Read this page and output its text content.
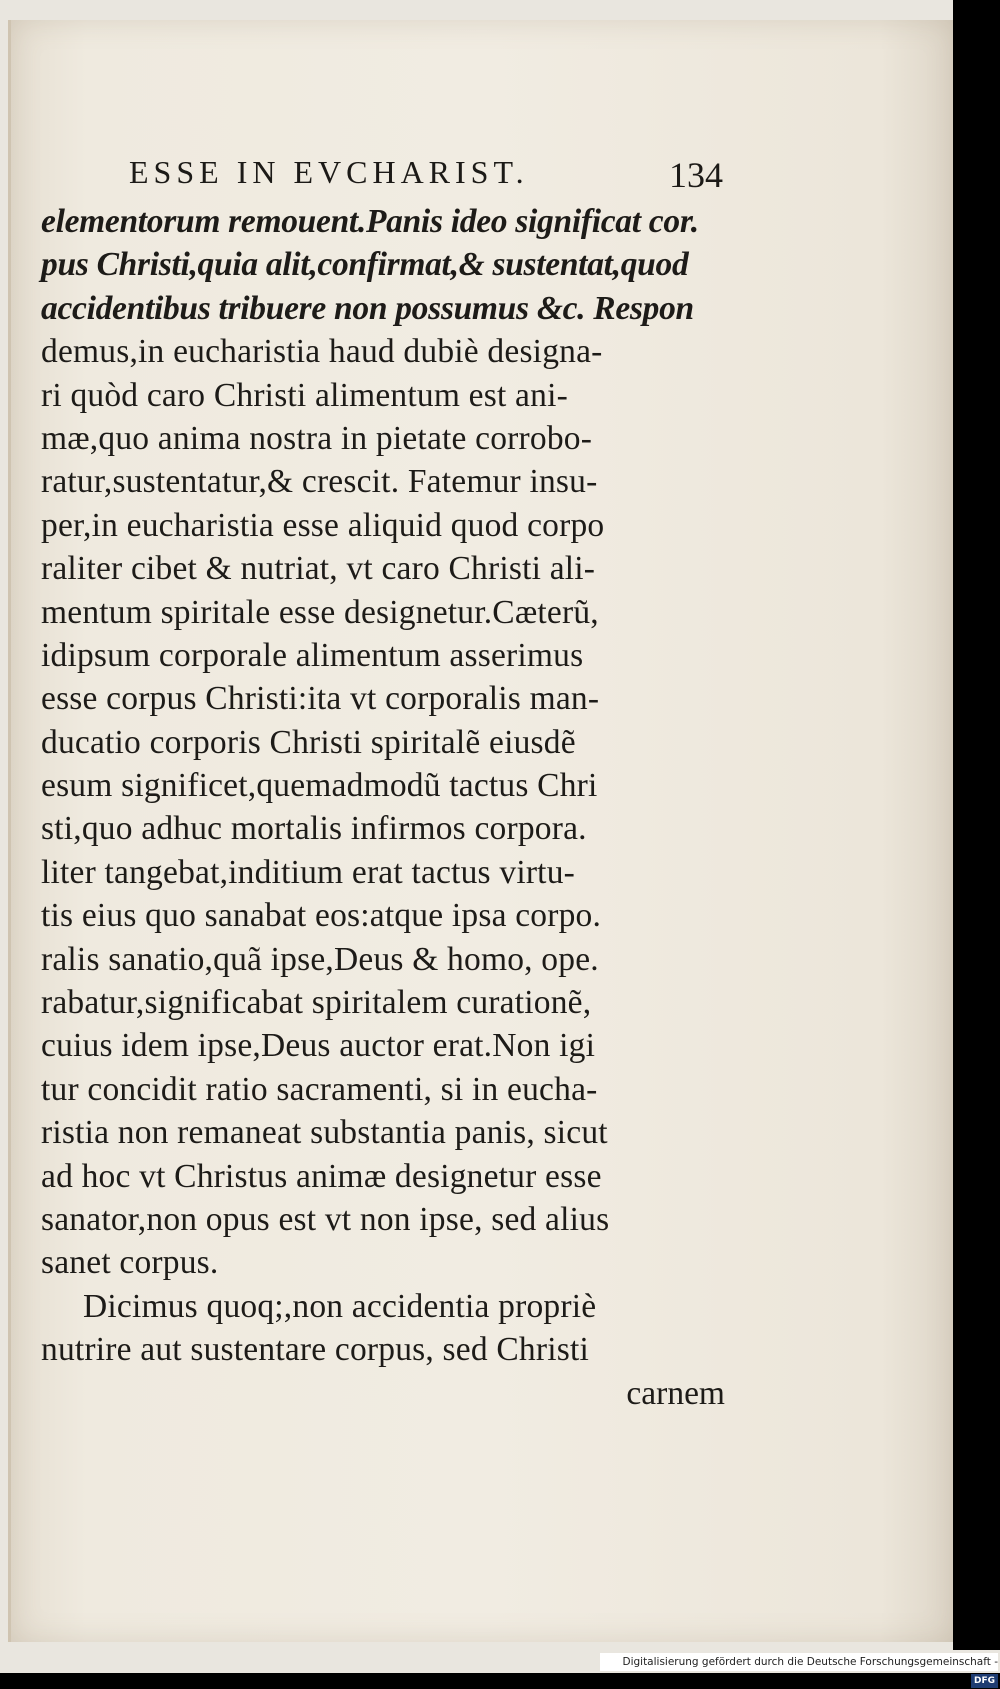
ESSE IN EVCHARIST.	134
elementorum remouent.Panis ideo significat cor.
pus Christi,quia alit,confirmat,& sustentat,quod
accidentibus tribuere non possumus &c. Respon
demus,in eucharistia haud dubiè designa-
ri quòd caro Christi alimentum est ani-
mæ,quo anima nostra in pietate corrobo-
ratur,sustentatur,& crescit. Fatemur insu-
per,in eucharistia esse aliquid quod corpo
raliter cibet & nutriat, vt caro Christi ali-
mentum spiritale esse designetur.Cæterũ,
idipsum corporale alimentum asserimus
esse corpus Christi:ita vt corporalis man-
ducatio corporis Christi spiritalẽ eiusdẽ
esum significet,quemadmodũ tactus Chri
sti,quo adhuc mortalis infirmos corpora.
liter tangebat,inditium erat tactus virtu-
tis eius quo sanabat eos:atque ipsa corpo.
ralis sanatio,quã ipse,Deus & homo, ope.
rabatur,significabat spiritalem curationẽ,
cuius idem ipse,Deus auctor erat.Non igi
tur concidit ratio sacramenti, si in eucha-
ristia non remaneat substantia panis, sicut
ad hoc vt Christus animæ designetur esse
sanator,non opus est vt non ipse, sed alius
sanet corpus.
Dicimus quoq;,non accidentia propriè
nutrire aut sustentare corpus, sed Christi
carnem
Digitalisierung gefördert durch die Deutsche Forschungsgemeinschaft -DFG
